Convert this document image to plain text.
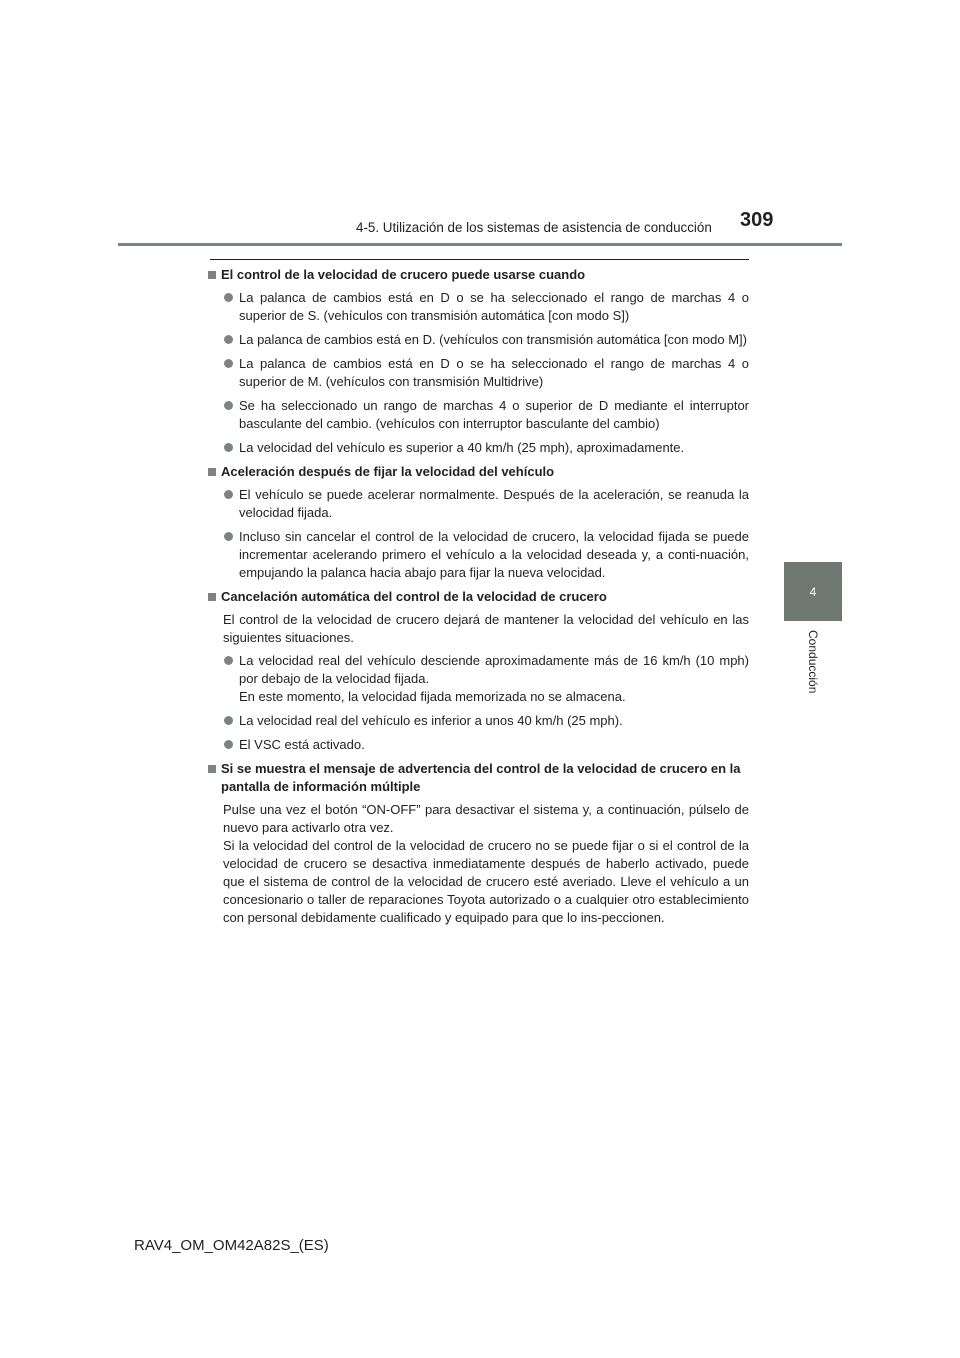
4-5. Utilización de los sistemas de asistencia de conducción 309
4
Conducción
El control de la velocidad de crucero puede usarse cuando
La palanca de cambios está en D o se ha seleccionado el rango de marchas 4 o superior de S. (vehículos con transmisión automática [con modo S])
La palanca de cambios está en D. (vehículos con transmisión automática [con modo M])
La palanca de cambios está en D o se ha seleccionado el rango de marchas 4 o superior de M. (vehículos con transmisión Multidrive)
Se ha seleccionado un rango de marchas 4 o superior de D mediante el interruptor basculante del cambio. (vehículos con interruptor basculante del cambio)
La velocidad del vehículo es superior a 40 km/h (25 mph), aproximadamente.
Aceleración después de fijar la velocidad del vehículo
El vehículo se puede acelerar normalmente. Después de la aceleración, se reanuda la velocidad fijada.
Incluso sin cancelar el control de la velocidad de crucero, la velocidad fijada se puede incrementar acelerando primero el vehículo a la velocidad deseada y, a conti-nuación, empujando la palanca hacia abajo para fijar la nueva velocidad.
Cancelación automática del control de la velocidad de crucero
El control de la velocidad de crucero dejará de mantener la velocidad del vehículo en las siguientes situaciones.
La velocidad real del vehículo desciende aproximadamente más de 16 km/h (10 mph) por debajo de la velocidad fijada.
En este momento, la velocidad fijada memorizada no se almacena.
La velocidad real del vehículo es inferior a unos 40 km/h (25 mph).
El VSC está activado.
Si se muestra el mensaje de advertencia del control de la velocidad de crucero en la pantalla de información múltiple
Pulse una vez el botón “ON-OFF” para desactivar el sistema y, a continuación, púlselo de nuevo para activarlo otra vez.
Si la velocidad del control de la velocidad de crucero no se puede fijar o si el control de la velocidad de crucero se desactiva inmediatamente después de haberlo activado, puede que el sistema de control de la velocidad de crucero esté averiado. Lleve el vehículo a un concesionario o taller de reparaciones Toyota autorizado o a cualquier otro establecimiento con personal debidamente cualificado y equipado para que lo ins-peccionen.
RAV4_OM_OM42A82S_(ES)
